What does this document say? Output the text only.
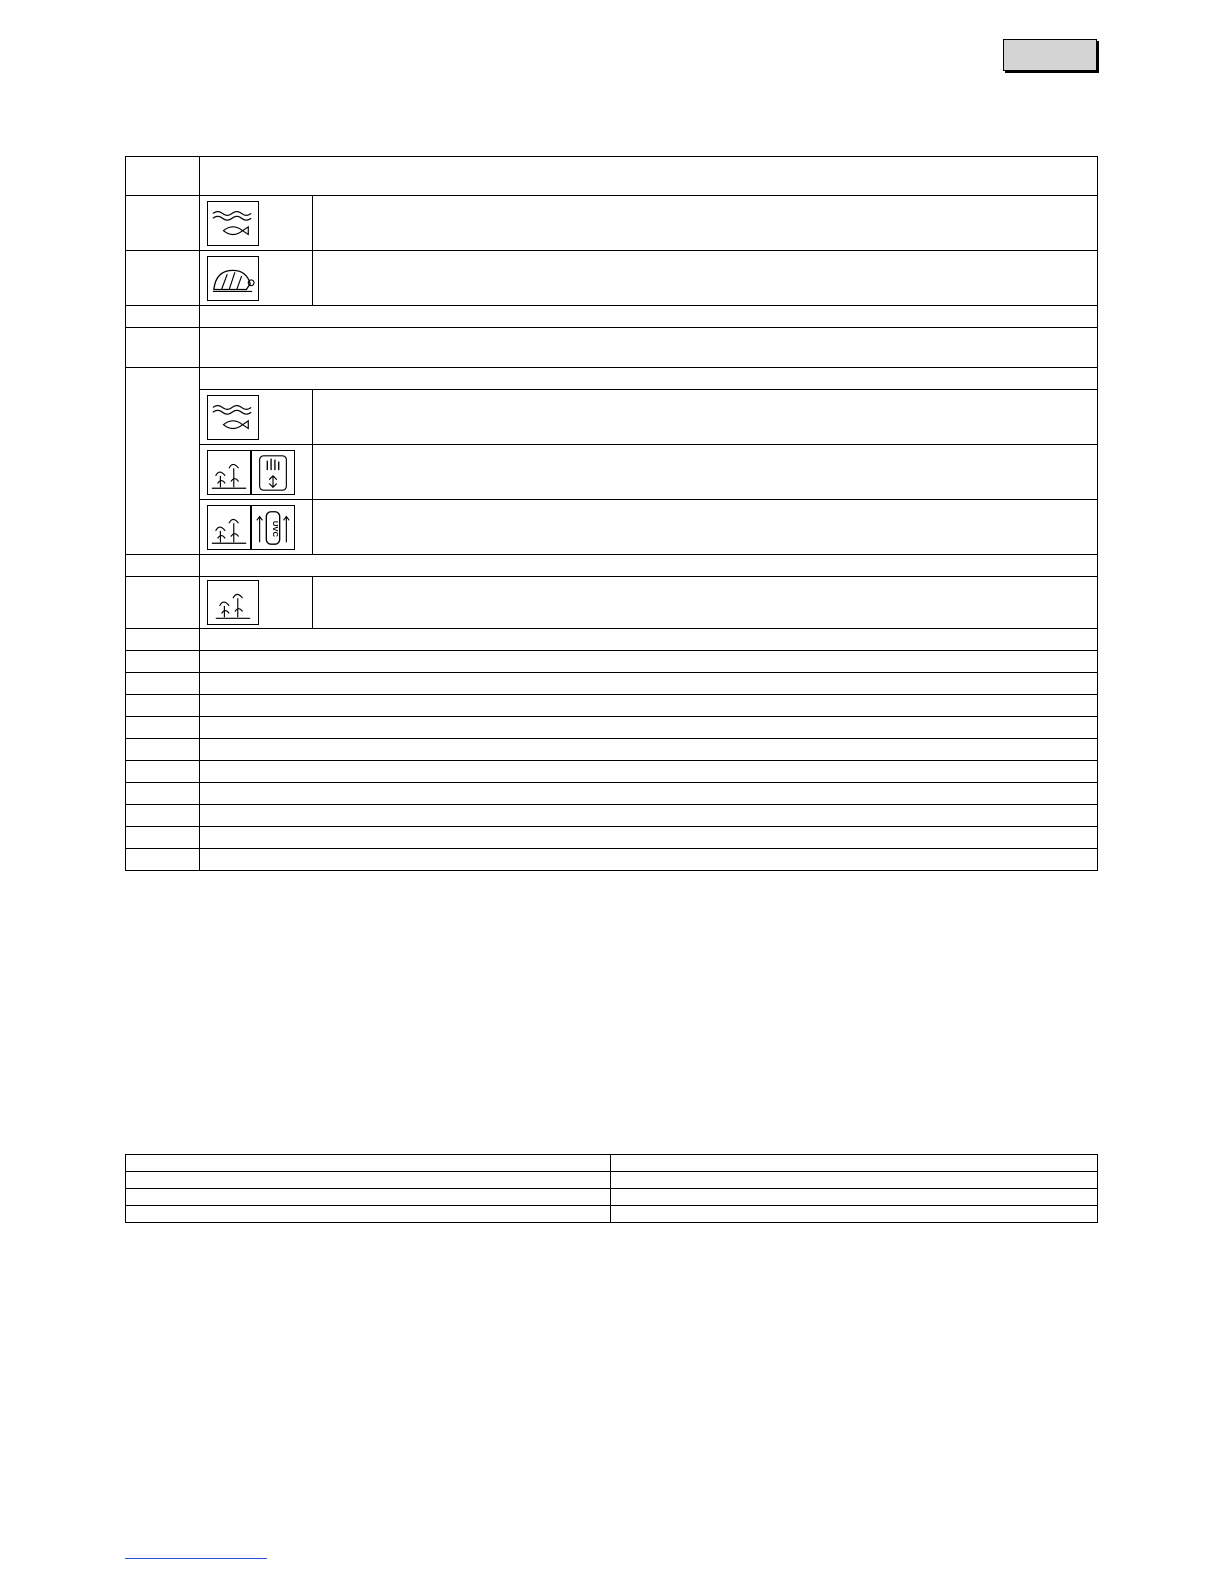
UVC	
